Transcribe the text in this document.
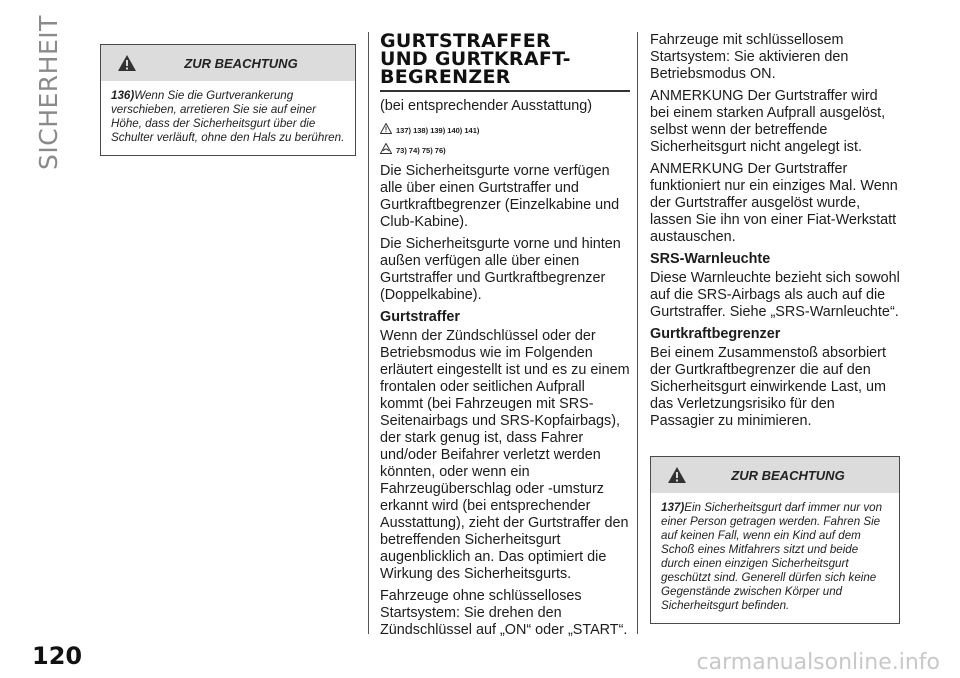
SICHERHEIT
120
ZUR BEACHTUNG

136)Wenn Sie die Gurtverankerung verschieben, arretieren Sie sie auf einer Höhe, dass der Sicherheitsgurt über die Schulter verläuft, ohne den Hals zu berühren.

GURTSTRAFFER
UND GURTKRAFT-
BEGRENZER

(bei entsprechender Ausstattung)

137) 138) 139) 140) 141)
73) 74) 75) 76)

Die Sicherheitsgurte vorne verfügen alle über einen Gurtstraffer und Gurtkraftbegrenzer (Einzelkabine und Club-Kabine).

Die Sicherheitsgurte vorne und hinten außen verfügen alle über einen Gurtstraffer und Gurtkraftbegrenzer (Doppelkabine).

Gurtstraffer

Wenn der Zündschlüssel oder der Betriebsmodus wie im Folgenden erläutert eingestellt ist und es zu einem frontalen oder seitlichen Aufprall kommt (bei Fahrzeugen mit SRS-Seitenairbags und SRS-Kopfairbags), der stark genug ist, dass Fahrer und/oder Beifahrer verletzt werden könnten, oder wenn ein Fahrzeugüberschlag oder -umsturz erkannt wird (bei entsprechender Ausstattung), zieht der Gurtstraffer den betreffenden Sicherheitsgurt augenblicklich an. Das optimiert die Wirkung des Sicherheitsgurts.

Fahrzeuge ohne schlüsselloses Startsystem: Sie drehen den Zündschlüssel auf „ON“ oder „START“.

Fahrzeuge mit schlüssellosem Startsystem: Sie aktivieren den Betriebsmodus ON.

ANMERKUNG Der Gurtstraffer wird bei einem starken Aufprall ausgelöst, selbst wenn der betreffende Sicherheitsgurt nicht angelegt ist.

ANMERKUNG Der Gurtstraffer funktioniert nur ein einziges Mal. Wenn der Gurtstraffer ausgelöst wurde, lassen Sie ihn von einer Fiat-Werkstatt austauschen.

SRS-Warnleuchte

Diese Warnleuchte bezieht sich sowohl auf die SRS-Airbags als auch auf die Gurtstraffer. Siehe „SRS-Warnleuchte“.

Gurtkraftbegrenzer

Bei einem Zusammenstoß absorbiert der Gurtkraftbegrenzer die auf den Sicherheitsgurt einwirkende Last, um das Verletzungsrisiko für den Passagier zu minimieren.

ZUR BEACHTUNG

137)Ein Sicherheitsgurt darf immer nur von einer Person getragen werden. Fahren Sie auf keinen Fall, wenn ein Kind auf dem Schoß eines Mitfahrers sitzt und beide durch einen einzigen Sicherheitsgurt geschützt sind. Generell dürfen sich keine Gegenstände zwischen Körper und Sicherheitsgurt befinden.

carmanualsonline.info
